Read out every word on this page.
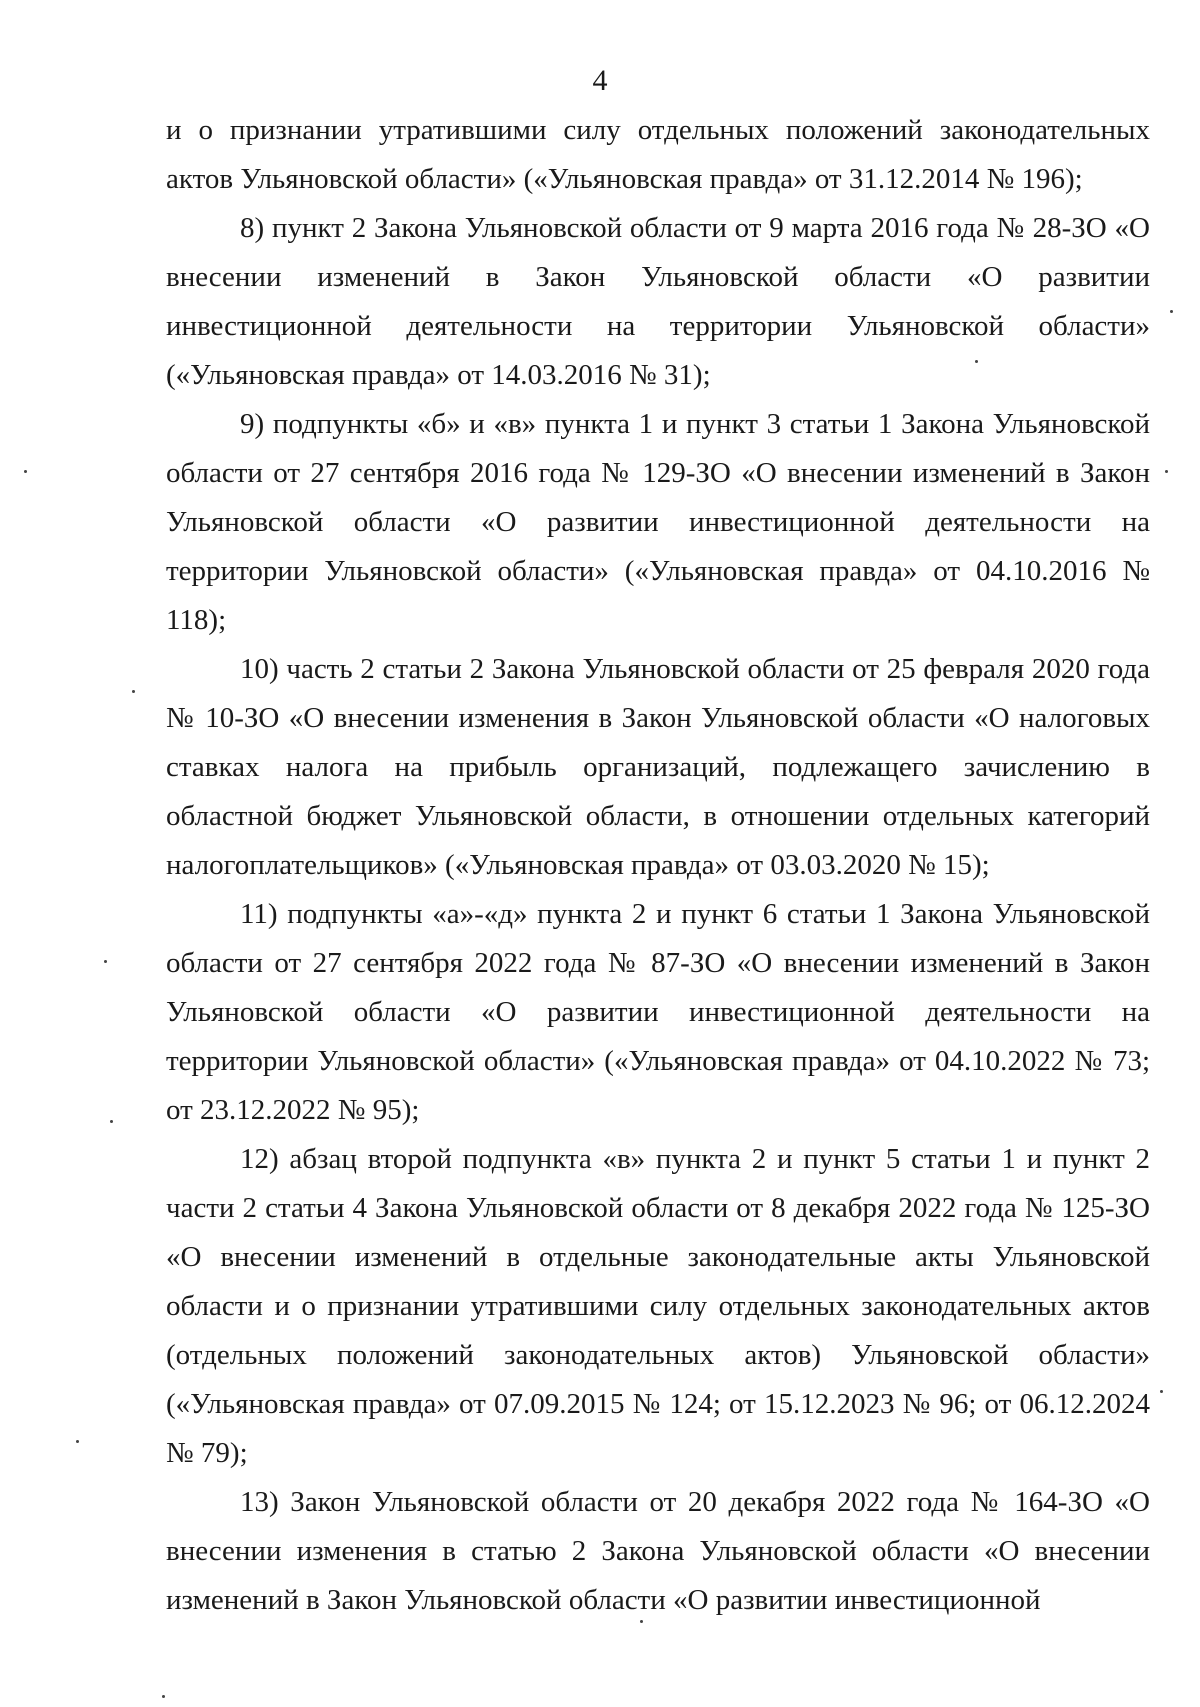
4

и о признании утратившими силу отдельных положений законодательных актов Ульяновской области» («Ульяновская правда» от 31.12.2014 № 196);

8) пункт 2 Закона Ульяновской области от 9 марта 2016 года № 28-ЗО «О внесении изменений в Закон Ульяновской области «О развитии инвестиционной деятельности на территории Ульяновской области» («Ульяновская правда» от 14.03.2016 № 31);

9) подпункты «б» и «в» пункта 1 и пункт 3 статьи 1 Закона Ульяновской области от 27 сентября 2016 года № 129-ЗО «О внесении изменений в Закон Ульяновской области «О развитии инвестиционной деятельности на территории Ульяновской области» («Ульяновская правда» от 04.10.2016 № 118);

10) часть 2 статьи 2 Закона Ульяновской области от 25 февраля 2020 года № 10-ЗО «О внесении изменения в Закон Ульяновской области «О налоговых ставках налога на прибыль организаций, подлежащего зачислению в областной бюджет Ульяновской области, в отношении отдельных категорий налогоплательщиков» («Ульяновская правда» от 03.03.2020 № 15);

11) подпункты «а»-«д» пункта 2 и пункт 6 статьи 1 Закона Ульяновской области от 27 сентября 2022 года № 87-ЗО «О внесении изменений в Закон Ульяновской области «О развитии инвестиционной деятельности на территории Ульяновской области» («Ульяновская правда» от 04.10.2022 № 73; от 23.12.2022 № 95);

12) абзац второй подпункта «в» пункта 2 и пункт 5 статьи 1 и пункт 2 части 2 статьи 4 Закона Ульяновской области от 8 декабря 2022 года № 125-ЗО «О внесении изменений в отдельные законодательные акты Ульяновской области и о признании утратившими силу отдельных законодательных актов (отдельных положений законодательных актов) Ульяновской области» («Ульяновская правда» от 07.09.2015 № 124; от 15.12.2023 № 96; от 06.12.2024 № 79);

13) Закон Ульяновской области от 20 декабря 2022 года № 164-ЗО «О внесении изменения в статью 2 Закона Ульяновской области «О внесении изменений в Закон Ульяновской области «О развитии инвестиционной
